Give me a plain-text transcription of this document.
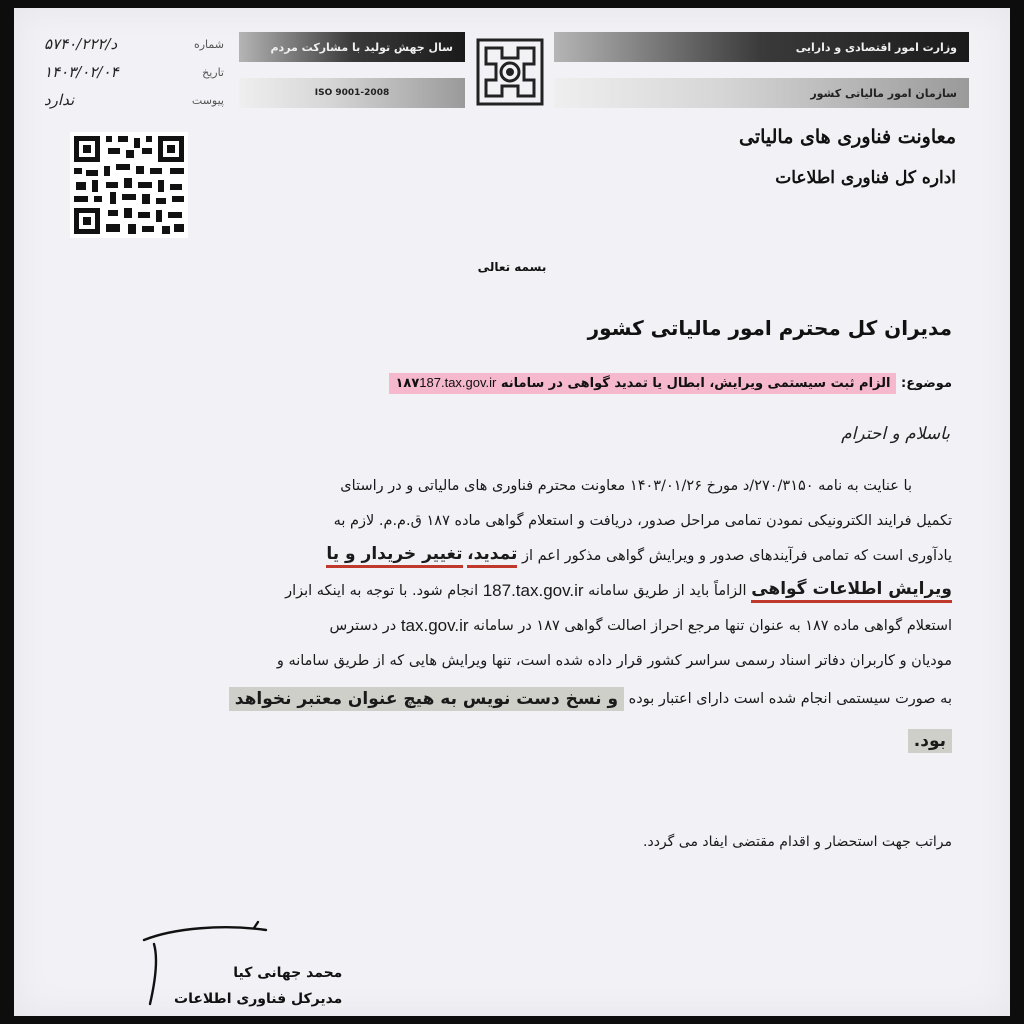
شماره
۵۷۴۰/۲۲۲/د
تاریخ
۱۴۰۳/۰۲/۰۴
پیوست
ندارد
سال جهش تولید با مشارکت مردم
ISO 9001-2008
وزارت امور اقتصادی و دارایی
سازمان امور مالیاتی کشور
معاونت فناوری های مالیاتی
اداره کل فناوری اطلاعات
بسمه تعالی
مدیران کل محترم امور مالیاتی کشور
موضوع: الزام ثبت سیستمی ویرایش، ابطال یا تمدید گواهی در سامانه ۱۸۷187.tax.gov.ir
باسلام و احترام
با عنایت به نامه ۲۷۰/۳۱۵۰/د مورخ ۱۴۰۳/۰۱/۲۶ معاونت محترم فناوری های مالیاتی و در راستای
تکمیل فرایند الکترونیکی نمودن تمامی مراحل صدور، دریافت و استعلام گواهی ماده ۱۸۷ ق.م.م. لازم به
یادآوری است که تمامی فرآیندهای صدور و ویرایش گواهی مذکور اعم از

تمدید،

تغییر خریدار و یا
ویرایش اطلاعات گواهی

الزاماً باید از طریق سامانه

187.tax.gov.ir

انجام شود. با توجه به اینکه ابزار
استعلام گواهی ماده ۱۸۷ به عنوان تنها مرجع احراز اصالت گواهی ۱۸۷ در سامانه

tax.gov.ir

در دسترس
مودیان و کاربران دفاتر اسناد رسمی سراسر کشور قرار داده شده است، تنها ویرایش هایی که از طریق سامانه و
به صورت سیستمی انجام شده است دارای اعتبار بوده

و نسخ دست نویس به هیچ عنوان معتبر نخواهد
بود.
مراتب جهت استحضار و اقدام مقتضی ایفاد می گردد.
محمد جهانی کیا
مدیرکل فناوری اطلاعات
